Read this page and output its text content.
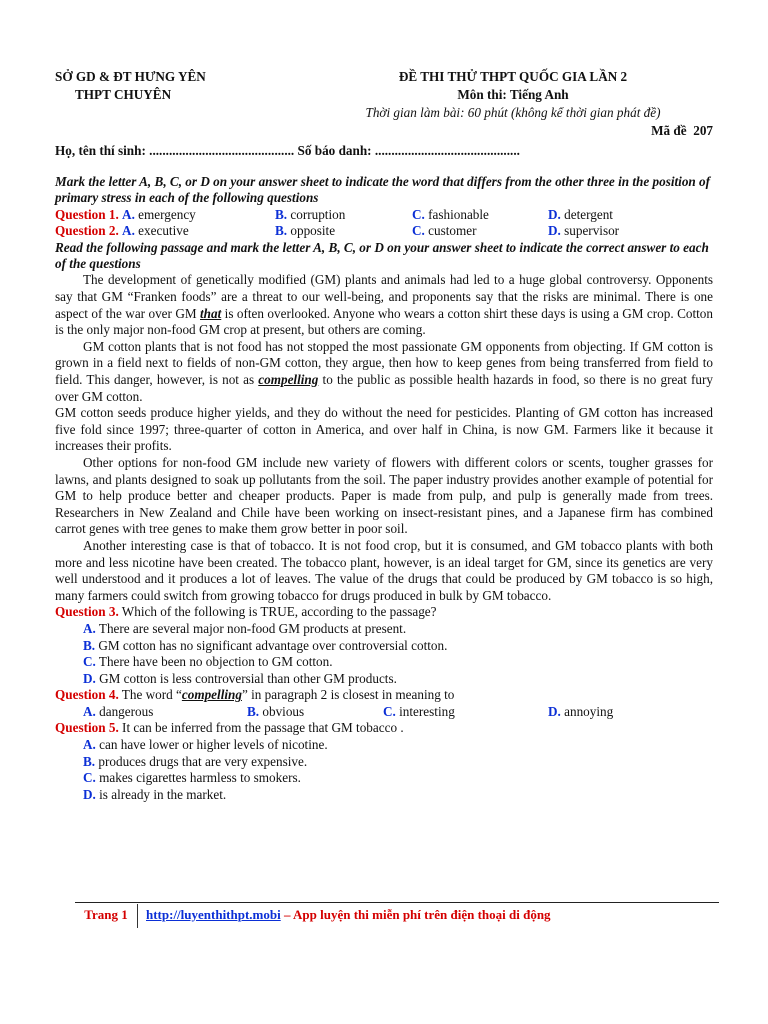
SỞ GD & ĐT HƯNG YÊN
THPT CHUYÊN
ĐỀ THI THỬ THPT QUỐC GIA LẦN 2
Môn thi: Tiếng Anh
Thời gian làm bài: 60 phút (không kể thời gian phát đề)
Mã đề 207
Họ, tên thí sinh: ............................................ Số báo danh: ............................................
Mark the letter A, B, C, or D on your answer sheet to indicate the word that differs from the other three in the position of primary stress in each of the following questions
Question 1. A. emergency	B. corruption	C. fashionable	D. detergent
Question 2. A. executive	B. opposite	C. customer	D. supervisor
Read the following passage and mark the letter A, B, C, or D on your answer sheet to indicate the correct answer to each of the questions

The development of genetically modified (GM) plants and animals had led to a huge global controversy. Opponents say that GM “Franken foods” are a threat to our well-being, and proponents say that the risks are minimal. There is one aspect of the war over GM that is often overlooked. Anyone who wears a cotton shirt these days is using a GM crop. Cotton is the only major non-food GM crop at present, but others are coming.

GM cotton plants that is not food has not stopped the most passionate GM opponents from objecting. If GM cotton is grown in a field next to fields of non-GM cotton, they argue, then how to keep genes from being transferred from field to field. This danger, however, is not as compelling to the public as possible health hazards in food, so there is no great fury over GM cotton.

GM cotton seeds produce higher yields, and they do without the need for pesticides. Planting of GM cotton has increased five fold since 1997; three-quarter of cotton in America, and over half in China, is now GM. Farmers like it because it increases their profits.

Other options for non-food GM include new variety of flowers with different colors or scents, tougher grasses for lawns, and plants designed to soak up pollutants from the soil. The paper industry provides another example of potential for GM to help produce better and cheaper products. Paper is made from pulp, and pulp is generally made from trees. Researchers in New Zealand and Chile have been working on insect-resistant pines, and a Japanese firm has combined carrot genes with tree genes to make them grow better in poor soil.

Another interesting case is that of tobacco. It is not food crop, but it is consumed, and GM tobacco plants with both more and less nicotine have been created. The tobacco plant, however, is an ideal target for GM, since its genetics are very well understood and it produces a lot of leaves. The value of the drugs that could be produced by GM tobacco is so high, many farmers could switch from growing tobacco for drugs produced in bulk by GM tobacco.

Question 3. Which of the following is TRUE, according to the passage?
A. There are several major non-food GM products at present.
B. GM cotton has no significant advantage over controversial cotton.
C. There have been no objection to GM cotton.
D. GM cotton is less controversial than other GM products.
Question 4. The word “compelling” in paragraph 2 is closest in meaning to
A. dangerous	B. obvious	C. interesting	D. annoying
Question 5. It can be inferred from the passage that GM tobacco .
A. can have lower or higher levels of nicotine.
B. produces drugs that are very expensive.
C. makes cigarettes harmless to smokers.
D. is already in the market.
Trang 1	http://luyenthithpt.mobi – App luyện thi miễn phí trên điện thoại di động
